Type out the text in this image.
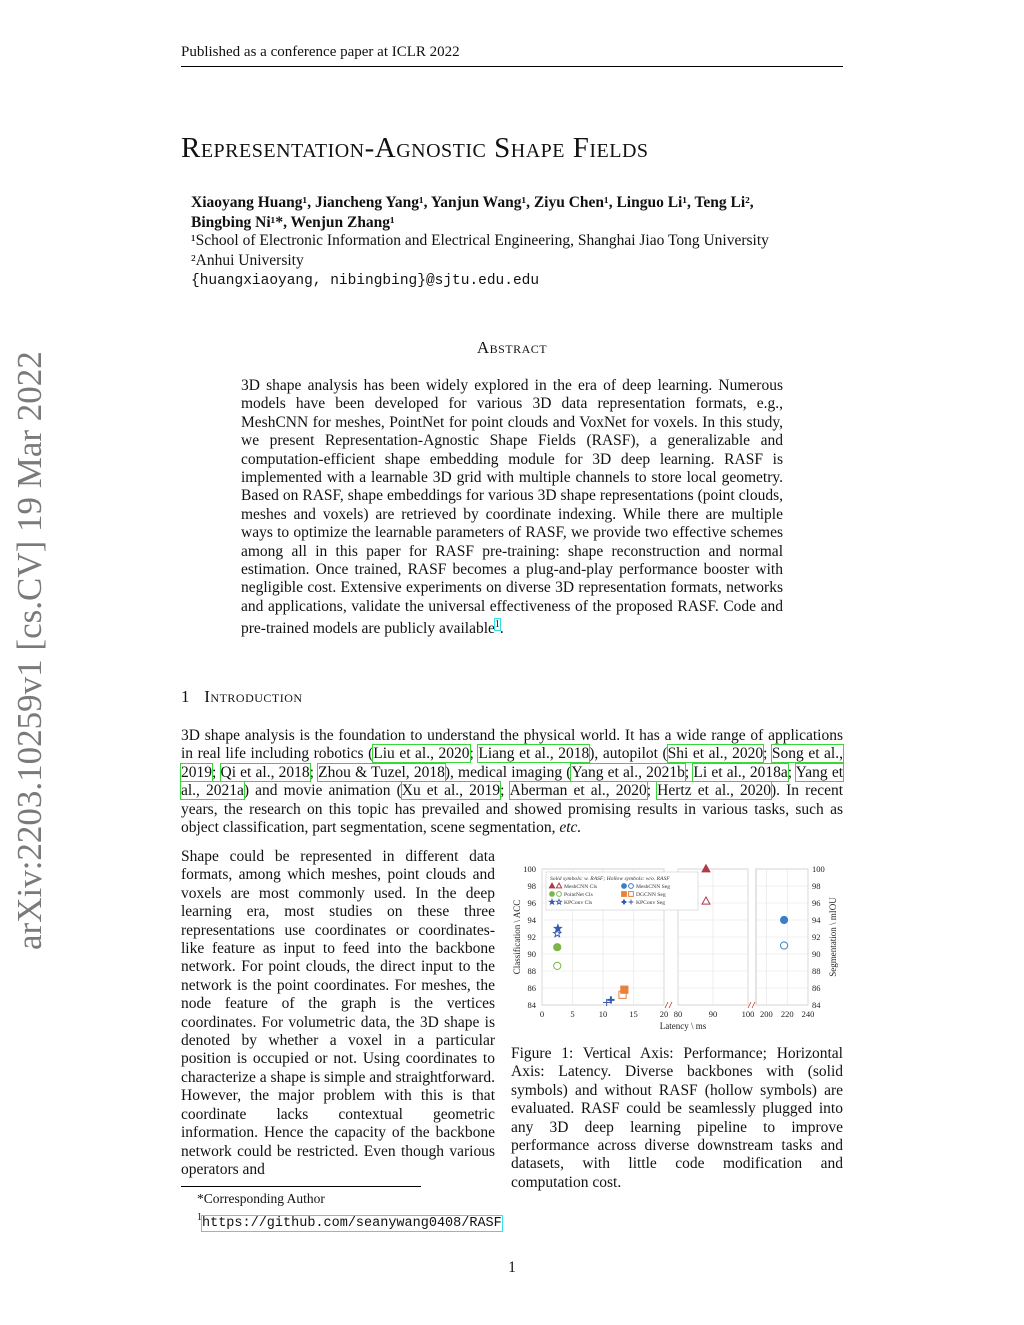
Published as a conference paper at ICLR 2022
Representation-Agnostic Shape Fields
Xiaoyang Huang¹, Jiancheng Yang¹, Yanjun Wang¹, Ziyu Chen¹, Linguo Li¹, Teng Li²,
Bingbing Ni¹*, Wenjun Zhang¹
¹School of Electronic Information and Electrical Engineering, Shanghai Jiao Tong University
²Anhui University
{huangxiaoyang, nibingbing}@sjtu.edu.edu
Abstract
3D shape analysis has been widely explored in the era of deep learning. Numerous models have been developed for various 3D data representation formats, e.g., MeshCNN for meshes, PointNet for point clouds and VoxNet for voxels. In this study, we present Representation-Agnostic Shape Fields (RASF), a generalizable and computation-efficient shape embedding module for 3D deep learning. RASF is implemented with a learnable 3D grid with multiple channels to store local geometry. Based on RASF, shape embeddings for various 3D shape representations (point clouds, meshes and voxels) are retrieved by coordinate indexing. While there are multiple ways to optimize the learnable parameters of RASF, we provide two effective schemes among all in this paper for RASF pre-training: shape reconstruction and normal estimation. Once trained, RASF becomes a plug-and-play performance booster with negligible cost. Extensive experiments on diverse 3D representation formats, networks and applications, validate the universal effectiveness of the proposed RASF. Code and pre-trained models are publicly available$^1$.
1 Introduction
3D shape analysis is the foundation to understand the physical world. It has a wide range of applications in real life including robotics (Liu et al., 2020; Liang et al., 2018), autopilot (Shi et al., 2020; Song et al., 2019; Qi et al., 2018; Zhou & Tuzel, 2018), medical imaging (Yang et al., 2021b; Li et al., 2018a; Yang et al., 2021a) and movie animation (Xu et al., 2019; Aberman et al., 2020; Hertz et al., 2020). In recent years, the research on this topic has prevailed and showed promising results in various tasks, such as object classification, part segmentation, scene segmentation, etc.
Shape could be represented in different data formats, among which meshes, point clouds and voxels are most commonly used. In the deep learning era, most studies on these three representations use coordinates or coordinates-like feature as input to feed into the backbone network. For point clouds, the direct input to the network is the point coordinates. For meshes, the node feature of the graph is the vertices coordinates. For volumetric data, the 3D shape is denoted by whether a voxel in a particular position is occupied or not. Using coordinates to characterize a shape is simple and straightforward. However, the major problem with this is that coordinate lacks contextual geometric information. Hence the capacity of the backbone network could be restricted. Even though various operators and
0	5	10	15	20 80	90	100 200 220 240
84	84
86	86
88	88
90	90
92	92
94	94
96	96
98	98
100	100
Latency \ ms
Classification \ ACC	Segmentation \ mIOU
Solid symbols: w. RASF; Hollow symbols: w/o. RASF
MeshCNN Cls
PointNet Cls
KPConv Cls
MeshCNN Seg
DGCNN Seg
KPConv Seg
Figure 1: Vertical Axis: Performance; Horizontal Axis: Latency. Diverse backbones with (solid symbols) and without RASF (hollow symbols) are evaluated. RASF could be seamlessly plugged into any 3D deep learning pipeline to improve performance across diverse downstream tasks and datasets, with little code modification and computation cost.
*Corresponding Author
$^1$https://github.com/seanywang0408/RASF
arXiv:2203.10259v1 [cs.CV] 19 Mar 2022
1
